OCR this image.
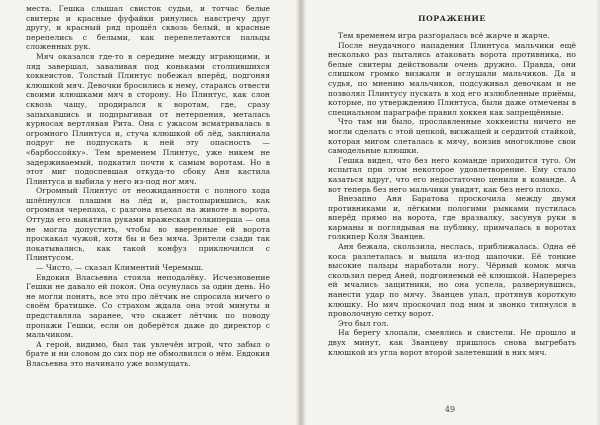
места. Гешка слышал свисток судьи, и тотчас белые свитеры и красные фуфайки ринулись навстречу друг другу, и красный ряд прошёл сквозь белый, и красные перепелись с белыми, как перепелетаются пальцы сложенных рук.

Мяч оказался где-то в середине между играющими, и ляд завершал, заваливая под коньками столпившихся хоккеистов. Толстый Плинтус побежал вперёд, подгоняя клюшкой мяч. Девочки бросились к нему, стараясь отвести своими клюшками мяч в сторону. Но Плинтус, как слон сквозь чащу, продирался к воротам, где, сразу запыхавшись и подпрыгивая от нетерпения, металась курносая вертлявая Рита. Она с ужасом всматривалась в огромного Плинтуса и, стуча клюшкой об лёд, заклинала подруг не подпускать к ней эту опасность — «барбоссойку». Тем временем Плинтус, уже никем не задерживаемый, подкатил почти к самым воротам. Но в этот миг подоспевшая откуда-то сбоку Аня кастила Плинтуса и выбила у него из-под ног мяч.

Огромный Плинтус от неожиданности с полного хода шлёпнулся плашмя на лёд и, растопырившись, как огромная черепаха, с разгона въехал на животе в ворота. Оттуда его выкатила руками вражеская голкиперша — она не могла допустить, чтобы во вверенные ей ворота проскакал чужой, хотя бы и без мяча. Зрители сзади так покатывались, как такой конфуз приключился с Плинтусом.

— Чисто, — сказал Климентий Черемыш.

Евдокия Власьевна стояла неподалёку. Исчезновение Гешки не давало ей покоя. Она осунулась за один день. Но не могли понять, все это про лётчик не спросила ничего о своём братишке. Со страхом ждала она этой минуты и представляла заранее, что скажет лётчик по поводу пропажи Гешки, если он доберётся даже до директор с мальчиком.

А герой, видимо, был так увлечён игрой, что забыл о брате и ни словом до сих пор не обмолвился о нём. Евдокия Власьевна это начинало уже возмущать.

ПОРАЖЕНИЕ

Тем временем игра разгоралась всё жарче и жарче.

После неудачного нападения Плинтуса мальчики ещё несколько раз пытались атаковать ворота противника, но белые свитеры действовали очень дружно. Правда, они слишком громко визжали и оглушали мальчиков. Да и судья, по мнению мальчиков, подсуживал девочкам и не позволял Плинтусу пускать в ход его излюбленные приёмы, которые, по утверждению Плинтуса, были даже отмечены в специальном параграфе правил хоккея как запрещённые.

Что там ни было, прославленные хоккеисты ничего не могли сделать с этой цепкой, визжащей и сердитой стайкой, которая мигом слеталась к мячу, вонзив многоклюве свои самодельные клюшки.

Гешка видел, что без него команде приходится туго. Он испытал при этом некоторое удовлетворение. Ему стало казаться вдруг, что его недостаточно ценили в команде. А вот теперь без него мальчики увидят, как без него плохо.

Внезапно Аня Баратова проскочила между двумя противниками и, лёгкими пологими рывками пустилась вперёд прямо на ворота, где вразвалку, засунув руки в карманы и поглядывая на публику, примчалась в воротах голкипер Коля Званцев.

Аня бежала, скользила, неслась, приближалась. Одна её коса разлеталась и вышла из-под шапочки. Её тонкие высокие пальцы наработали ногу. Чёрный комок мяча скользил перед Аней, подгоняемый её клюшкой. Наперерез ей мчались защитники, но она успела, развернувшись, нанести удар по мячу. Званцев упал, протянув короткую клюшку. Но мяч проскочил под ним и звонко тяпнулся в проволочную сетку ворот.

Это был гол.

На берегу хлопали, смеялись и свистели. Не прошло и двух минут, как Званцеву пришлось снова выгребать клюшкой из угла ворот второй залетевший в них мяч.

49
